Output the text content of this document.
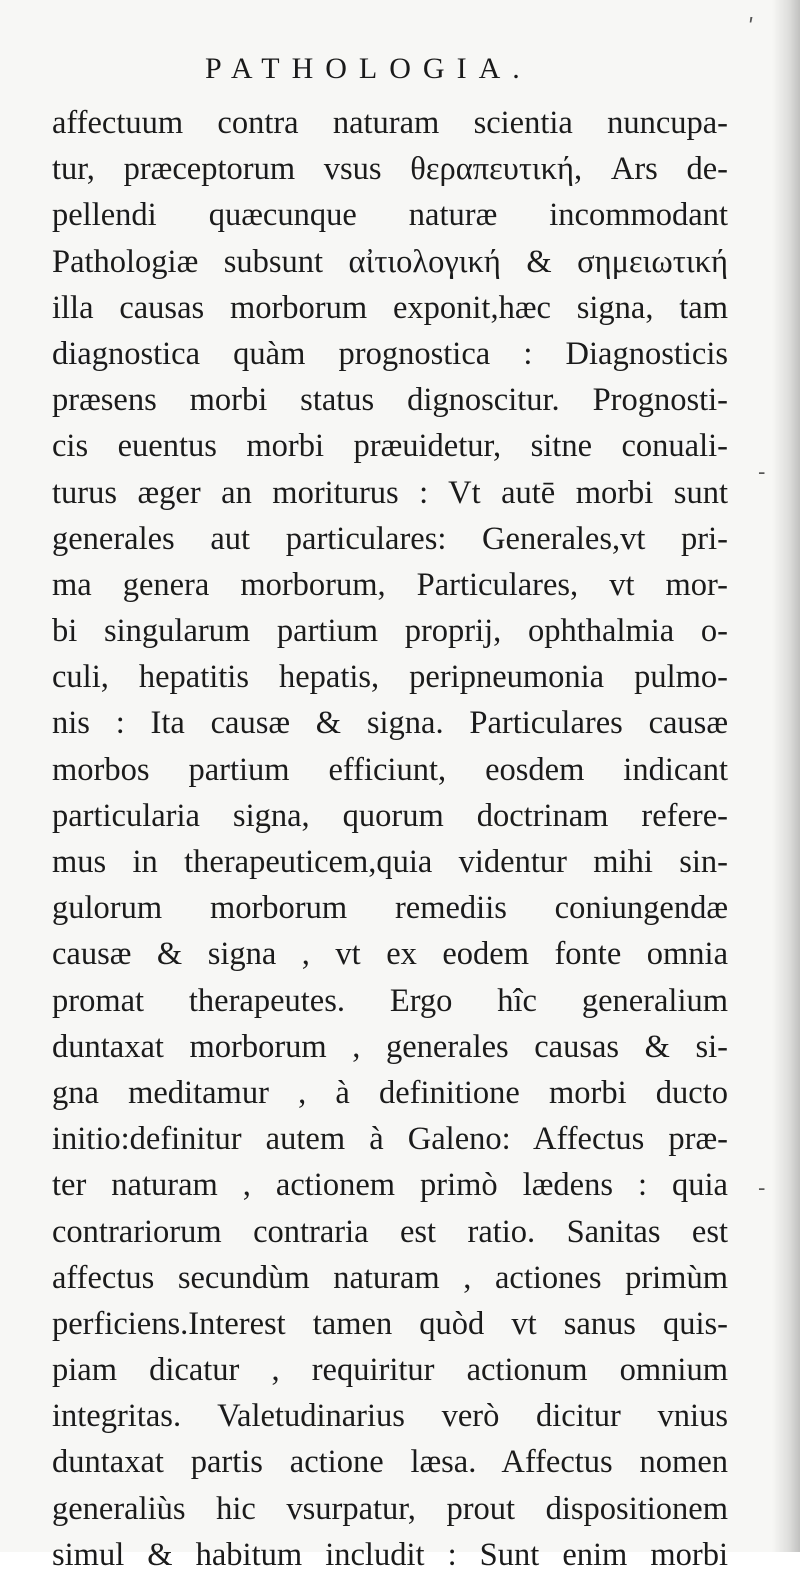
ʹ
-
-
PATHOLOGIA.
affectuum contra naturam scientia nuncupa-
tur, præceptorum vsus θεραπευτική, Ars de-
pellendi quæcunque naturæ incommodant
Pathologiæ subsunt αἰτιολογική & σημειωτική
illa causas morborum exponit,hæc signa, tam
diagnostica quàm prognostica : Diagnosticis
præsens morbi status dignoscitur. Prognosti-
cis euentus morbi præuidetur, sitne conuali-
turus æger an moriturus : Vt autē morbi sunt
generales aut particulares: Generales,vt pri-
ma genera morborum, Particulares, vt mor-
bi singularum partium proprij, ophthalmia o-
culi, hepatitis hepatis, peripneumonia pulmo-
nis : Ita causæ & signa. Particulares causæ
morbos partium efficiunt, eosdem indicant
particularia signa, quorum doctrinam refere-
mus in therapeuticem,quia videntur mihi sin-
gulorum morborum remediis coniungendæ
causæ & signa , vt ex eodem fonte omnia
promat therapeutes. Ergo hîc generalium
duntaxat morborum , generales causas & si-
gna meditamur , à definitione morbi ducto
initio:definitur autem à Galeno: Affectus præ-
ter naturam , actionem primò lædens : quia
contrariorum contraria est ratio. Sanitas est
affectus secundùm naturam , actiones primùm
perficiens.Interest tamen quòd vt sanus quis-
piam dicatur , requiritur actionum omnium
integritas. Valetudinarius verò dicitur vnius
duntaxat partis actione læsa. Affectus nomen
generaliùs hic vsurpatur, prout dispositionem
simul & habitum includit : Sunt enim morbi
